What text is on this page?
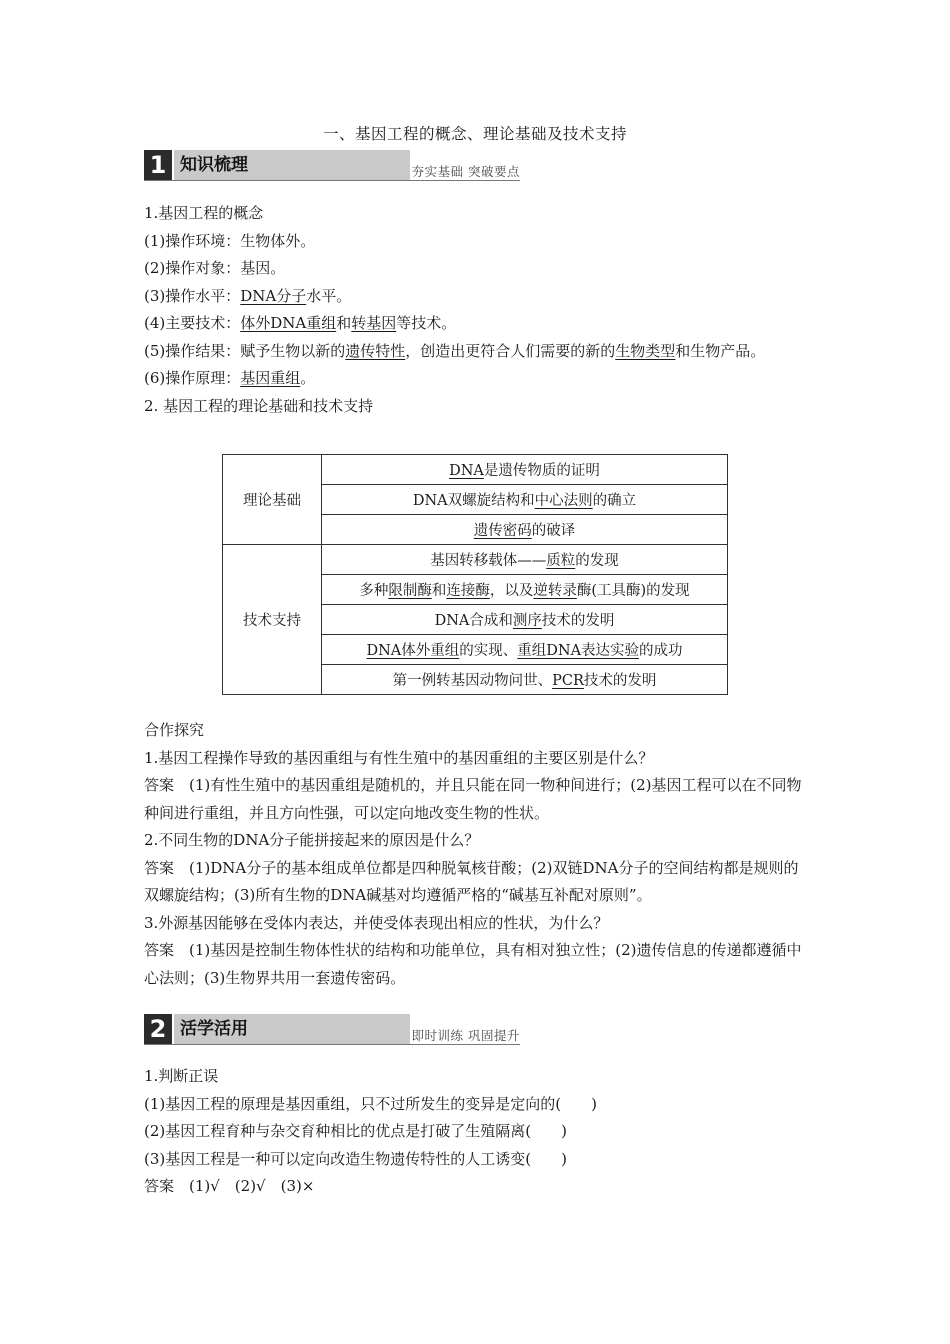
一、基因工程的概念、理论基础及技术支持
1 知识梳理	夯实基础 突破要点
1.基因工程的概念
(1)操作环境：生物体外。
(2)操作对象：基因。
(3)操作水平：DNA分子水平。
(4)主要技术：体外DNA重组和转基因等技术。
(5)操作结果：赋予生物以新的遗传特性，创造出更符合人们需要的新的生物类型和生物产品。
(6)操作原理：基因重组。
2. 基因工程的理论基础和技术支持
理论基础	DNA是遗传物质的证明
	DNA双螺旋结构和中心法则的确立
	遗传密码的破译
技术支持	基因转移载体——质粒的发现
	多种限制酶和连接酶，以及逆转录酶(工具酶)的发现
	DNA合成和测序技术的发明
	DNA体外重组的实现、重组DNA表达实验的成功
	第一例转基因动物问世、PCR技术的发明
合作探究
1.基因工程操作导致的基因重组与有性生殖中的基因重组的主要区别是什么？
答案　(1)有性生殖中的基因重组是随机的，并且只能在同一物种间进行；(2)基因工程可以在不同物种间进行重组，并且方向性强，可以定向地改变生物的性状。
2.不同生物的DNA分子能拼接起来的原因是什么？
答案　(1)DNA分子的基本组成单位都是四种脱氧核苷酸；(2)双链DNA分子的空间结构都是规则的双螺旋结构；(3)所有生物的DNA碱基对均遵循严格的“碱基互补配对原则”。
3.外源基因能够在受体内表达，并使受体表现出相应的性状，为什么？
答案　(1)基因是控制生物体性状的结构和功能单位，具有相对独立性；(2)遗传信息的传递都遵循中心法则；(3)生物界共用一套遗传密码。
2 活学活用	即时训练 巩固提升
1.判断正误
(1)基因工程的原理是基因重组，只不过所发生的变异是定向的(　　)
(2)基因工程育种与杂交育种相比的优点是打破了生殖隔离(　　)
(3)基因工程是一种可以定向改造生物遗传特性的人工诱变(　　)
答案　(1)√　(2)√　(3)×
